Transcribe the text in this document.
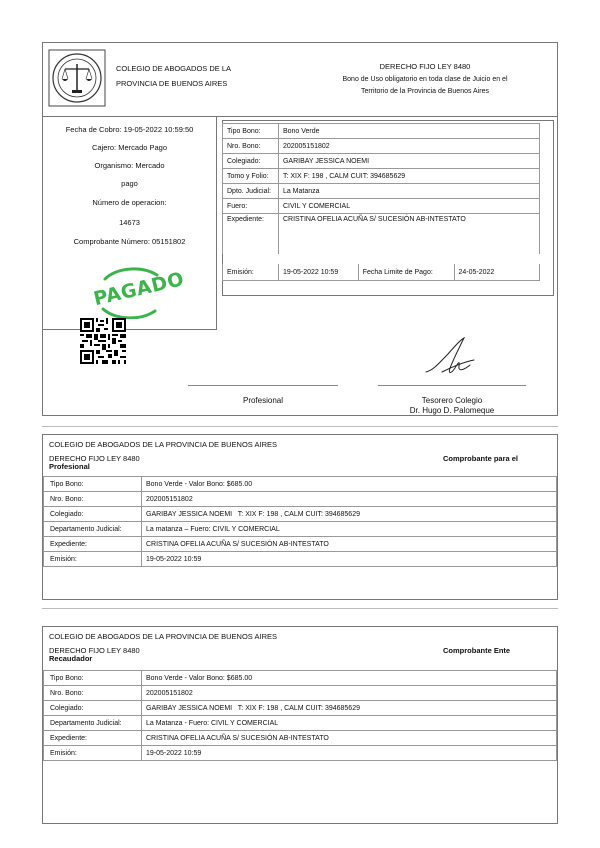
COLEGIO DE ABOGADOS DE LA
PROVINCIA DE BUENOS AIRES
DERECHO FIJO LEY 8480
Bono de Uso obligatorio en toda clase de Juicio en el
Territorio de la Provincia de Buenos Aires
Fecha de Cobro: 19-05-2022 10:59:50
Cajero: Mercado Pago
Organismo: Mercado
pago
Número de operacion:
14673
Comprobante Número: 05151802
PAGADO
Tipo Bono:	Bono Verde		
Nro. Bono:	202005151802		
Colegiado:	GARIBAY JESSICA NOEMI		
Tomo y Folio:	T: XIX F: 198 , CALM CUIT: 394685629		
Dpto. Judicial:	La Matanza		
Fuero:	CIVIL Y COMERCIAL		
Expediente:	CRISTINA OFELIA ACUÑA S/ SUCESIÓN AB-INTESTATO		
Emisión:	19-05-2022 10:59	Fecha Limite de Pago:	24-05-2022
Profesional	Tesorero Colegio
Dr. Hugo D. Palomeque
COLEGIO DE ABOGADOS DE LA PROVINCIA DE BUENOS AIRES
DERECHO FIJO LEY 8480
Profesional
Comprobante para el
Tipo Bono:	Bono Verde - Valor Bono: $685.00
Nro. Bono:	202005151802
Colegiado:	GARIBAY JESSICA NOEMI   T: XIX F: 198 , CALM CUIT: 394685629
Departamento Judicial:	La matanza – Fuero: CIVIL Y COMERCIAL
Expediente:	CRISTINA OFELIA ACUÑA S/ SUCESIÓN AB-INTESTATO
Emisión:	19-05-2022 10:59
COLEGIO DE ABOGADOS DE LA PROVINCIA DE BUENOS AIRES
DERECHO FIJO LEY 8480
Recaudador
Comprobante Ente
Tipo Bono:	Bono Verde - Valor Bono: $685.00
Nro. Bono:	202005151802
Colegiado:	GARIBAY JESSICA NOEMI   T: XIX F: 198 , CALM CUIT: 394685629
Departamento Judicial:	La Matanza - Fuero: CIVIL Y COMERCIAL
Expediente:	CRISTINA OFELIA ACUÑA S/ SUCESIÓN AB-INTESTATO
Emisión:	19-05-2022 10:59
